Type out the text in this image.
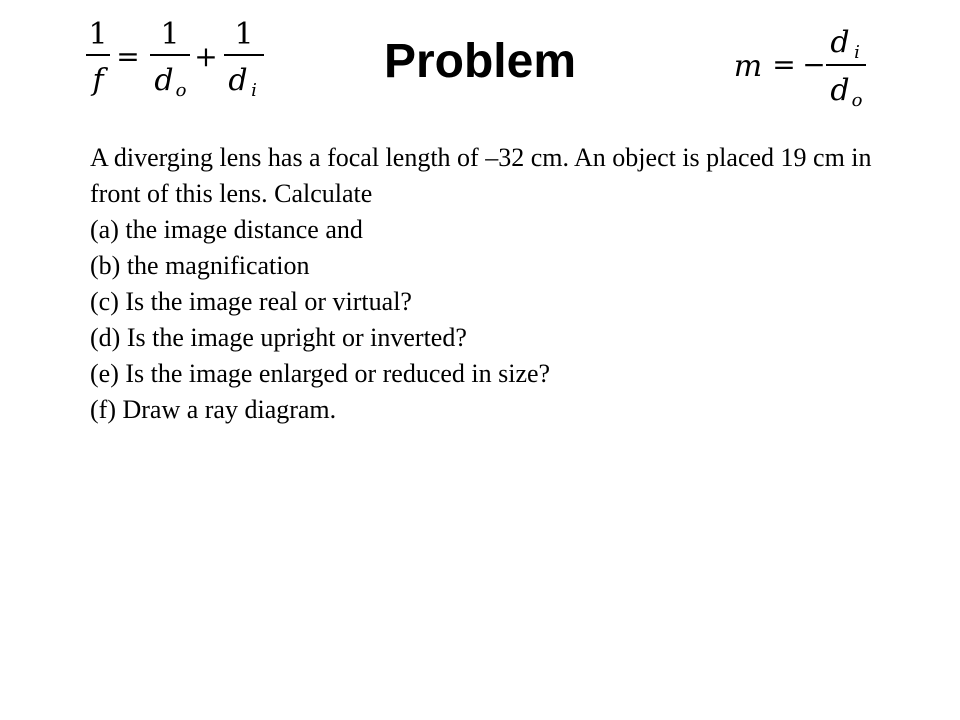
1
f
=
1
d o
+
1
d i
Problem	m = −
d i
d o

A diverging lens has a focal length of –32 cm. An object is placed 19 cm in front of this lens. Calculate

(a) the image distance and

(b) the magnification

(c) Is the image real or virtual?

(d) Is the image upright or inverted?

(e) Is the image enlarged or reduced in size?

(f) Draw a ray diagram.
